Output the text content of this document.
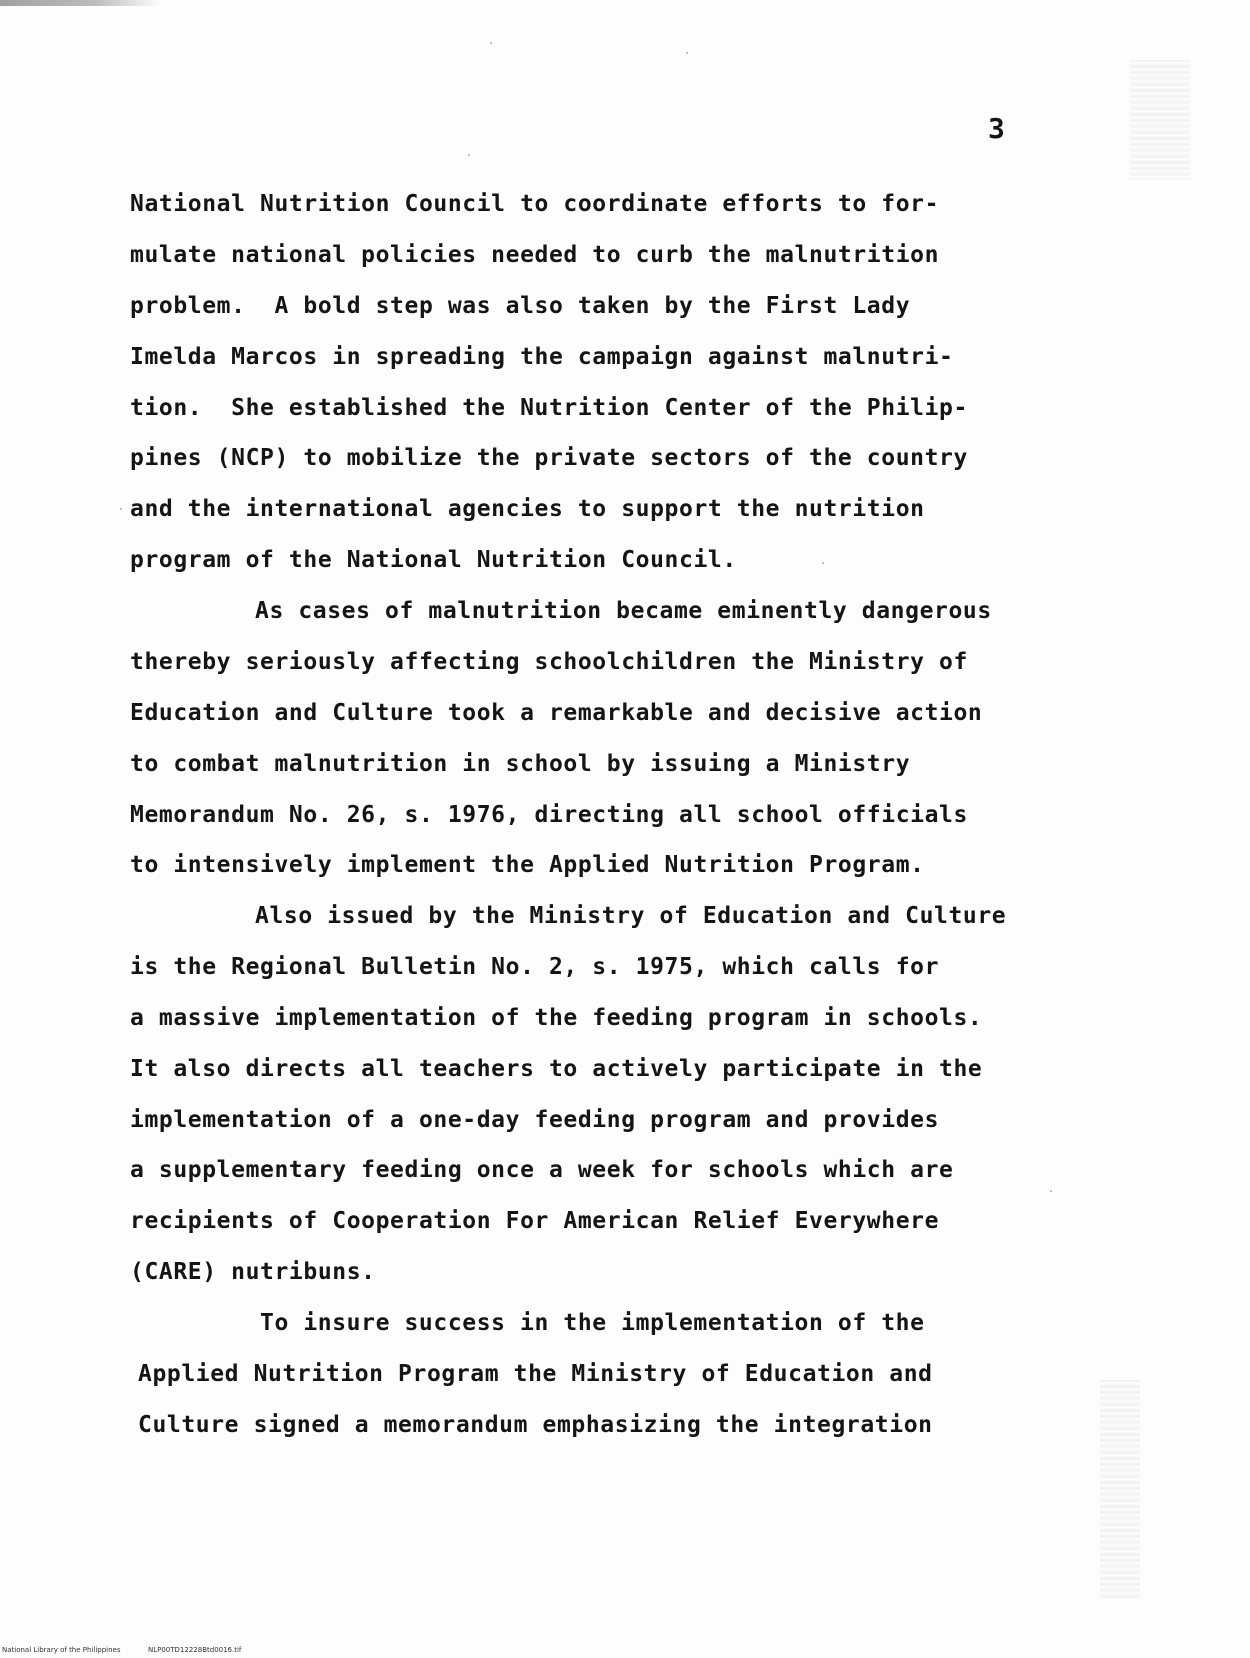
3
National Nutrition Council to coordinate efforts to for-
mulate national policies needed to curb the malnutrition
problem.  A bold step was also taken by the First Lady
Imelda Marcos in spreading the campaign against malnutri-
tion.  She established the Nutrition Center of the Philip-
pines (NCP) to mobilize the private sectors of the country
and the international agencies to support the nutrition
program of the National Nutrition Council.
As cases of malnutrition became eminently dangerous
thereby seriously affecting schoolchildren the Ministry of
Education and Culture took a remarkable and decisive action
to combat malnutrition in school by issuing a Ministry
Memorandum No. 26, s. 1976, directing all school officials
to intensively implement the Applied Nutrition Program.
Also issued by the Ministry of Education and Culture
is the Regional Bulletin No. 2, s. 1975, which calls for
a massive implementation of the feeding program in schools.
It also directs all teachers to actively participate in the
implementation of a one-day feeding program and provides
a supplementary feeding once a week for schools which are
recipients of Cooperation For American Relief Everywhere
(CARE) nutribuns.
To insure success in the implementation of the
Applied Nutrition Program the Ministry of Education and
Culture signed a memorandum emphasizing the integration
National Library of the Philippines	NLP00TD12228Btd0016.tif
